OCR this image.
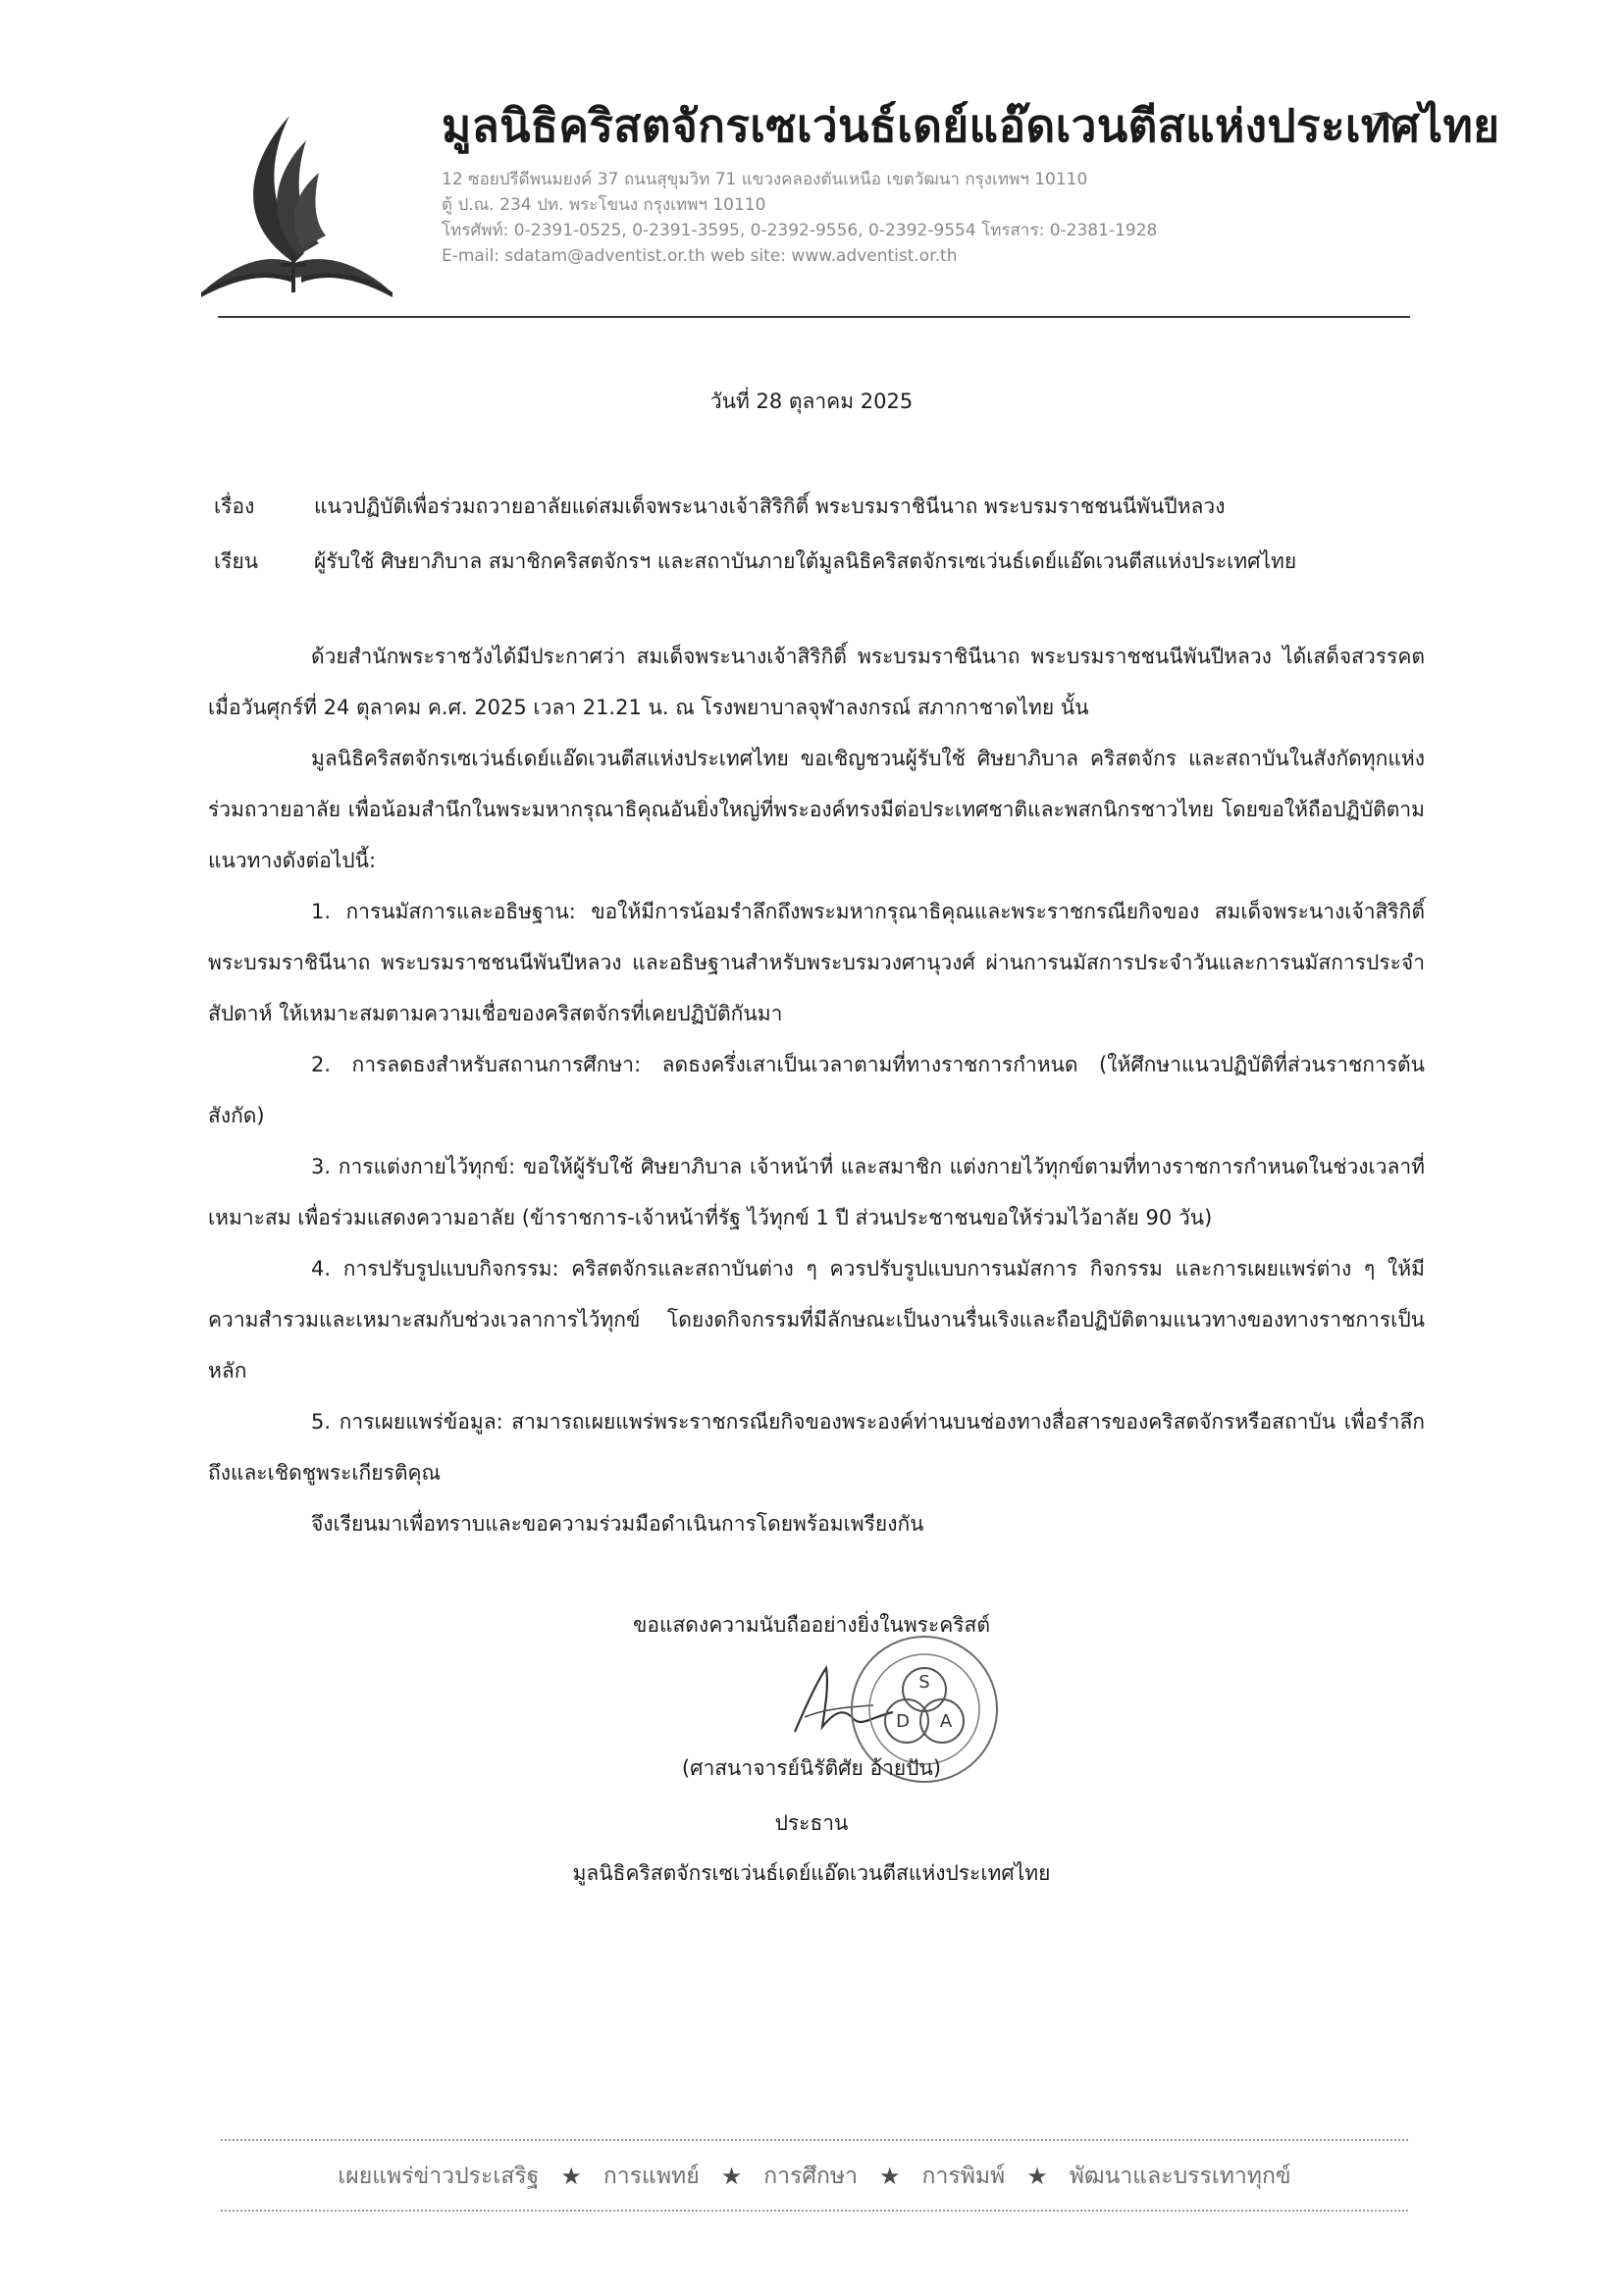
มูลนิธิคริสตจักรเซเว่นธ์เดย์แอ๊ดเวนตีสแห่งประเทศไทย
12 ซอยปรีดีพนมยงค์ 37 ถนนสุขุมวิท 71 แขวงคลองตันเหนือ เขตวัฒนา กรุงเทพฯ 10110
ตู้ ป.ณ. 234 ปท. พระโขนง กรุงเทพฯ 10110
โทรศัพท์: 0-2391-0525, 0-2391-3595, 0-2392-9556, 0-2392-9554 โทรสาร: 0-2381-1928
E-mail: sdatam@adventist.or.th web site: www.adventist.or.th
วันที่ 28 ตุลาคม 2025
เรื่อง	แนวปฏิบัติเพื่อร่วมถวายอาลัยแด่สมเด็จพระนางเจ้าสิริกิติ์ พระบรมราชินีนาถ พระบรมราชชนนีพันปีหลวง
เรียน	ผู้รับใช้ ศิษยาภิบาล สมาชิกคริสตจักรฯ และสถาบันภายใต้มูลนิธิคริสตจักรเซเว่นธ์เดย์แอ๊ดเวนตีสแห่งประเทศไทย

ด้วยสำนักพระราชวังได้มีประกาศว่า สมเด็จพระนางเจ้าสิริกิติ์ พระบรมราชินีนาถ พระบรมราชชนนีพันปีหลวง ได้เสด็จสวรรคต เมื่อวันศุกร์ที่ 24 ตุลาคม ค.ศ. 2025 เวลา 21.21 น. ณ โรงพยาบาลจุฬาลงกรณ์ สภากาชาดไทย นั้น

มูลนิธิคริสตจักรเซเว่นธ์เดย์แอ๊ดเวนตีสแห่งประเทศไทย ขอเชิญชวนผู้รับใช้ ศิษยาภิบาล คริสตจักร และสถาบันในสังกัดทุกแห่ง ร่วมถวายอาลัย เพื่อน้อมสำนึกในพระมหากรุณาธิคุณอันยิ่งใหญ่ที่พระองค์ทรงมีต่อประเทศชาติและพสกนิกรชาวไทย โดยขอให้ถือปฏิบัติตามแนวทางดังต่อไปนี้:

1. การนมัสการและอธิษฐาน: ขอให้มีการน้อมรำลึกถึงพระมหากรุณาธิคุณและพระราชกรณียกิจของ สมเด็จพระนางเจ้าสิริกิติ์ พระบรมราชินีนาถ พระบรมราชชนนีพันปีหลวง และอธิษฐานสำหรับพระบรมวงศานุวงศ์ ผ่านการนมัสการประจำวันและการนมัสการประจำสัปดาห์ ให้เหมาะสมตามความเชื่อของคริสตจักรที่เคยปฏิบัติกันมา

2. การลดธงสำหรับสถานการศึกษา: ลดธงครึ่งเสาเป็นเวลาตามที่ทางราชการกำหนด (ให้ศึกษาแนวปฏิบัติที่ส่วนราชการต้นสังกัด)

3. การแต่งกายไว้ทุกข์: ขอให้ผู้รับใช้ ศิษยาภิบาล เจ้าหน้าที่ และสมาชิก แต่งกายไว้ทุกข์ตามที่ทางราชการกำหนดในช่วงเวลาที่เหมาะสม เพื่อร่วมแสดงความอาลัย (ข้าราชการ-เจ้าหน้าที่รัฐ ไว้ทุกข์ 1 ปี ส่วนประชาชนขอให้ร่วมไว้อาลัย 90 วัน)

4. การปรับรูปแบบกิจกรรม: คริสตจักรและสถาบันต่าง ๆ ควรปรับรูปแบบการนมัสการ กิจกรรม และการเผยแพร่ต่าง ๆ ให้มีความสำรวมและเหมาะสมกับช่วงเวลาการไว้ทุกข์ โดยงดกิจกรรมที่มีลักษณะเป็นงานรื่นเริงและถือปฏิบัติตามแนวทางของทางราชการเป็นหลัก

5. การเผยแพร่ข้อมูล: สามารถเผยแพร่พระราชกรณียกิจของพระองค์ท่านบนช่องทางสื่อสารของคริสตจักรหรือสถาบัน เพื่อรำลึกถึงและเชิดชูพระเกียรติคุณ

จึงเรียนมาเพื่อทราบและขอความร่วมมือดำเนินการโดยพร้อมเพรียงกัน

ขอแสดงความนับถืออย่างยิ่งในพระคริสต์
S
D A
(ศาสนาจารย์นิรัติศัย อ้ายปัน)
ประธาน
มูลนิธิคริสตจักรเซเว่นธ์เดย์แอ๊ดเวนตีสแห่งประเทศไทย
เผยแพร่ข่าวประเสริฐ ★ การแพทย์ ★ การศึกษา ★ การพิมพ์ ★ พัฒนาและบรรเทาทุกข์
